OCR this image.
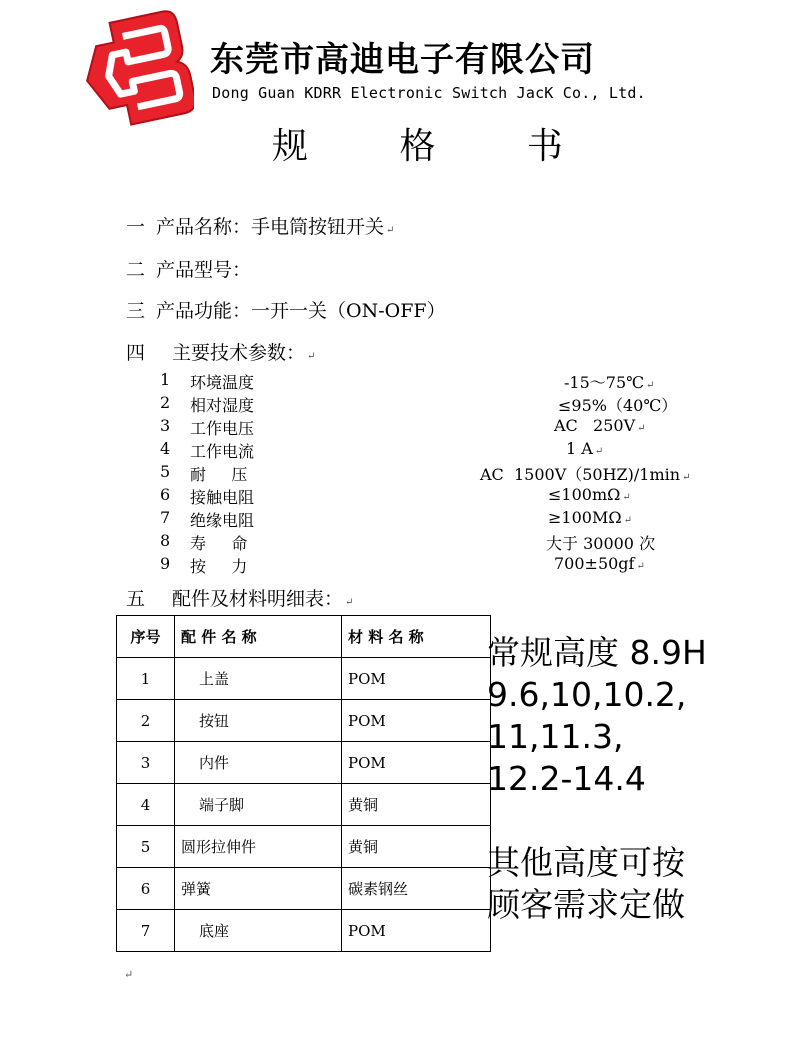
东莞市高迪电子有限公司
Dong Guan KDRR Electronic Switch JacK Co., Ltd.
规 格 书
一 产品名称：手电筒按钮开关 ↵
二 产品型号：
三 产品功能：一开一关（ON-OFF）
四 主要技术参数： ↵
1	环境温度	-15～75℃ ↵
2	相对湿度	≤95%（40℃）
3	工作电压	AC   250V ↵
4	工作电流	1 A ↵
5	耐     压	AC  1500V（50HZ)/1min ↵
6	接触电阻	≤100mΩ ↵
7	绝缘电阻	≥100MΩ ↵
8	寿     命	大于 30000 次
9	按     力	700±50gf ↵
五 配件及材料明细表： ↵
序号	配 件 名 称	材 料 名 称
1	上盖	POM
2	按钮	POM
3	内件	POM
4	端子脚	黄铜
5	圆形拉伸件	黄铜
6	弹簧	碳素钢丝
7	底座	POM
常规高度 8.9H
9.6,10,10.2,
11,11.3,
12.2-14.4
其他高度可按
顾客需求定做
↵
